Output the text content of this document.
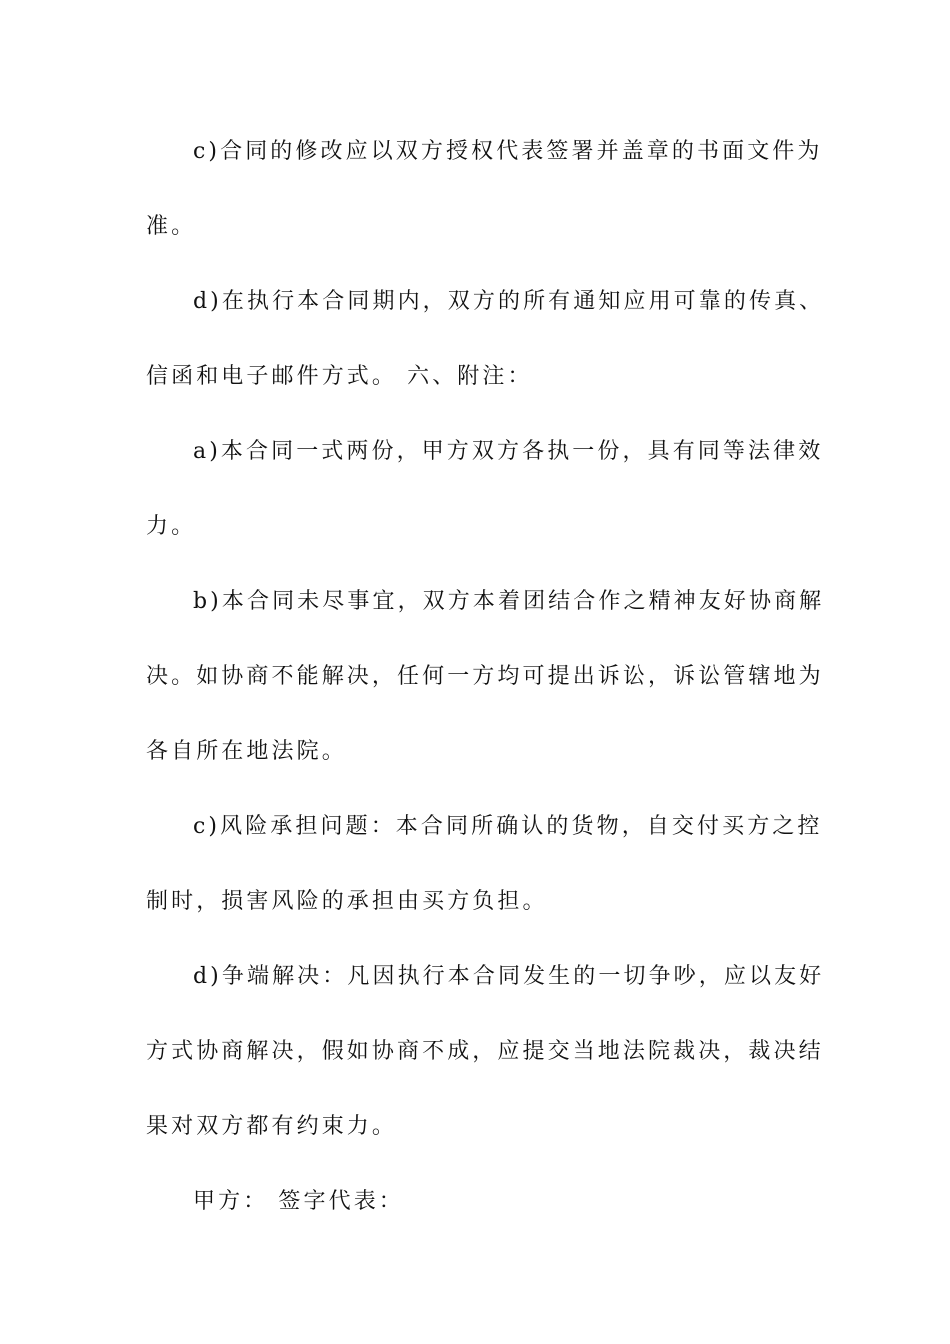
c)合同的修改应以双方授权代表签署并盖章的书面文件为
准。
d)在执行本合同期内，双方的所有通知应用可靠的传真、
信函和电子邮件方式。 六、附注：
a)本合同一式两份，甲方双方各执一份，具有同等法律效
力。
b)本合同未尽事宜，双方本着团结合作之精神友好协商解
决。如协商不能解决，任何一方均可提出诉讼，诉讼管辖地为
各自所在地法院。
c)风险承担问题：本合同所确认的货物，自交付买方之控
制时，损害风险的承担由买方负担。
d)争端解决：凡因执行本合同发生的一切争吵，应以友好
方式协商解决，假如协商不成，应提交当地法院裁决，裁决结
果对双方都有约束力。
甲方： 签字代表：
